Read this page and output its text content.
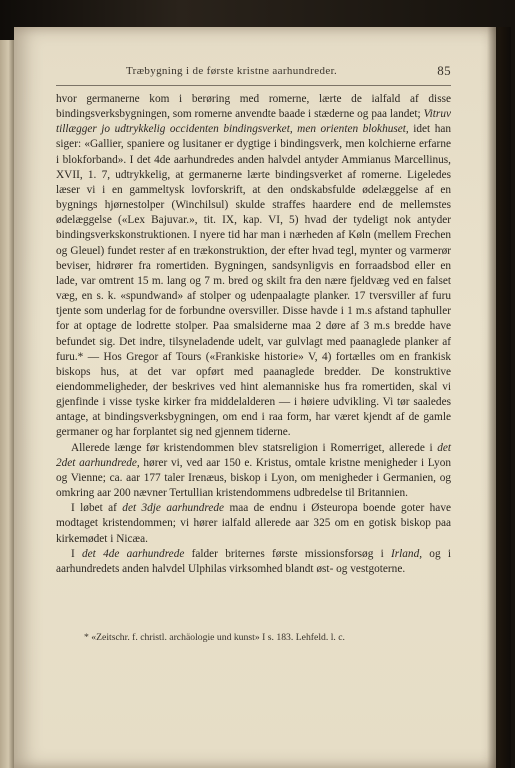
Træbygning i de første kristne aarhundreder.	85

hvor germanerne kom i berøring med romerne, lærte de ialfald af disse bindingsverksbygningen, som romerne anvendte baade i stæderne og paa landet; Vitruv tillægger jo udtrykkelig occidenten bindingsverket, men orienten blokhuset, idet han siger: «Gallier, spaniere og lusitaner er dygtige i bindingsverk, men kolchierne erfarne i blokforband». I det 4de aarhundredes anden halvdel antyder Ammianus Marcellinus, XVII, 1. 7, udtrykkelig, at germanerne lærte bindingsverket af romerne. Ligeledes læser vi i en gammeltysk lovforskrift, at den ondskabsfulde ødelæggelse af en bygnings hjørnestolper (Winchilsul) skulde straffes haardere end de mellemstes ødelæggelse («Lex Bajuvar.», tit. IX, kap. VI, 5) hvad der tydeligt nok antyder bindingsverkskonstruktionen. I nyere tid har man i nærheden af Køln (mellem Frechen og Gleuel) fundet rester af en trækonstruktion, der efter hvad tegl, mynter og varmerør beviser, hidrører fra romertiden. Bygningen, sandsynligvis en forraadsbod eller en lade, var omtrent 15 m. lang og 7 m. bred og skilt fra den nære fjeldvæg ved en falset væg, en s. k. «spundwand» af stolper og udenpaalagte planker. 17 tversviller af furu tjente som underlag for de forbundne oversviller. Disse havde i 1 m.s afstand taphuller for at optage de lodrette stolper. Paa smalsiderne maa 2 døre af 3 m.s bredde have befundet sig. Det indre, tilsyneladende udelt, var gulvlagt med paanaglede planker af furu.* — Hos Gregor af Tours («Frankiske historie» V, 4) fortælles om en frankisk biskops hus, at det var opført med paanaglede bredder. De konstruktive eiendommeligheder, der beskrives ved hint alemanniske hus fra romertiden, skal vi gjenfinde i visse tyske kirker fra middelalderen — i høiere udvikling. Vi tør saaledes antage, at bindingsverksbygningen, om end i raa form, har været kjendt af de gamle germaner og har forplantet sig ned gjennem tiderne.

Allerede længe før kristendommen blev statsreligion i Romerriget, allerede i det 2det aarhundrede, hører vi, ved aar 150 e. Kristus, omtale kristne menigheder i Lyon og Vienne; ca. aar 177 taler Irenæus, biskop i Lyon, om menigheder i Germanien, og omkring aar 200 nævner Tertullian kristendommens udbredelse til Britannien.

I løbet af det 3dje aarhundrede maa de endnu i Østeuropa boende goter have modtaget kristendommen; vi hører ialfald allerede aar 325 om en gotisk biskop paa kirkemødet i Nicæa.

I det 4de aarhundrede falder briternes første missionsforsøg i Irland, og i aarhundredets anden halvdel Ulphilas virksomhed blandt øst- og vestgoterne.

* «Zeitschr. f. christl. archäologie und kunst» I s. 183. Lehfeld. l. c.
